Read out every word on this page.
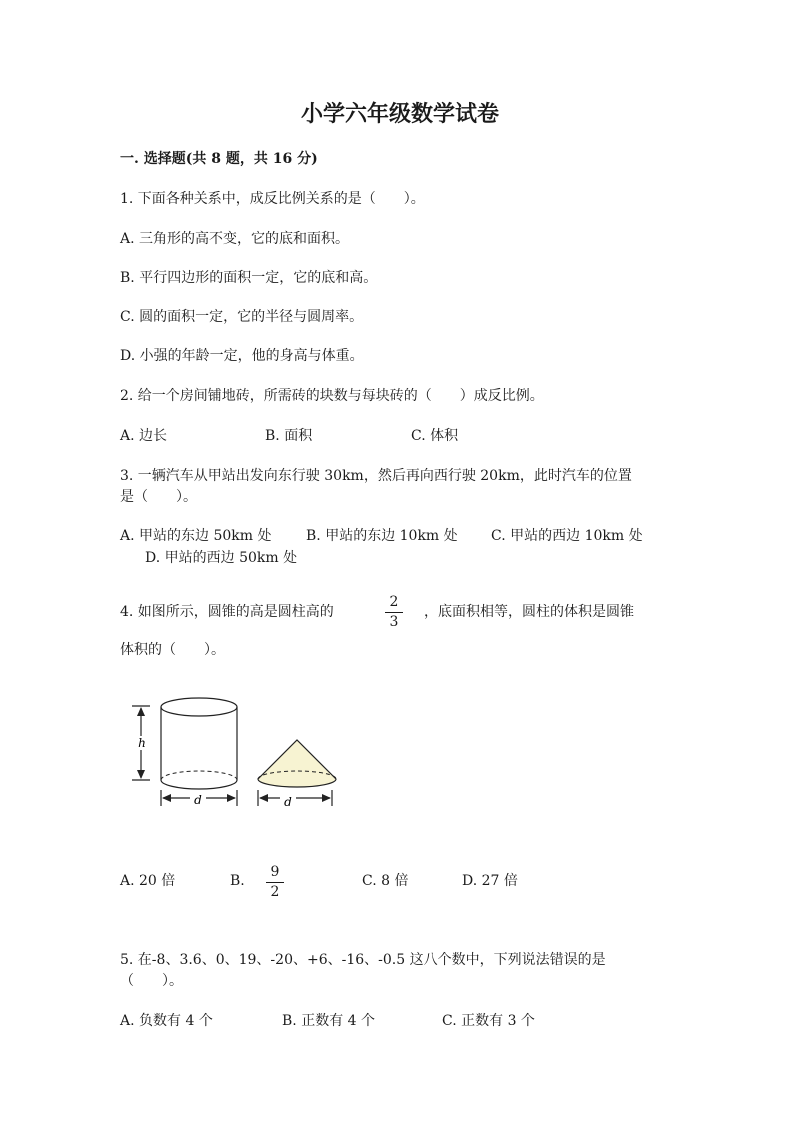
小学六年级数学试卷
一. 选择题(共 8 题，共 16 分)
1. 下面各种关系中，成反比例关系的是（　　）。
A. 三角形的高不变，它的底和面积。
B. 平行四边形的面积一定，它的底和高。
C. 圆的面积一定，它的半径与圆周率。
D. 小强的年龄一定，他的身高与体重。
2. 给一个房间铺地砖，所需砖的块数与每块砖的（　　）成反比例。
A. 边长	B. 面积	C. 体积
3. 一辆汽车从甲站出发向东行驶 30km，然后再向西行驶 20km，此时汽车的位置
是（　　）。
A. 甲站的东边 50km 处 B. 甲站的东边 10km 处 C. 甲站的西边 10km 处
D. 甲站的西边 50km 处
4. 如图所示，圆锥的高是圆柱高的
2
3
，底面积相等，圆柱的体积是圆锥
体积的（　　）。
h
d	d
A. 20 倍	B.
9
2
C. 8 倍	D. 27 倍
5. 在-8、3.6、0、19、-20、+6、-16、-0.5 这八个数中，下列说法错误的是
（　　）。
A. 负数有 4 个	B. 正数有 4 个	C. 正数有 3 个
